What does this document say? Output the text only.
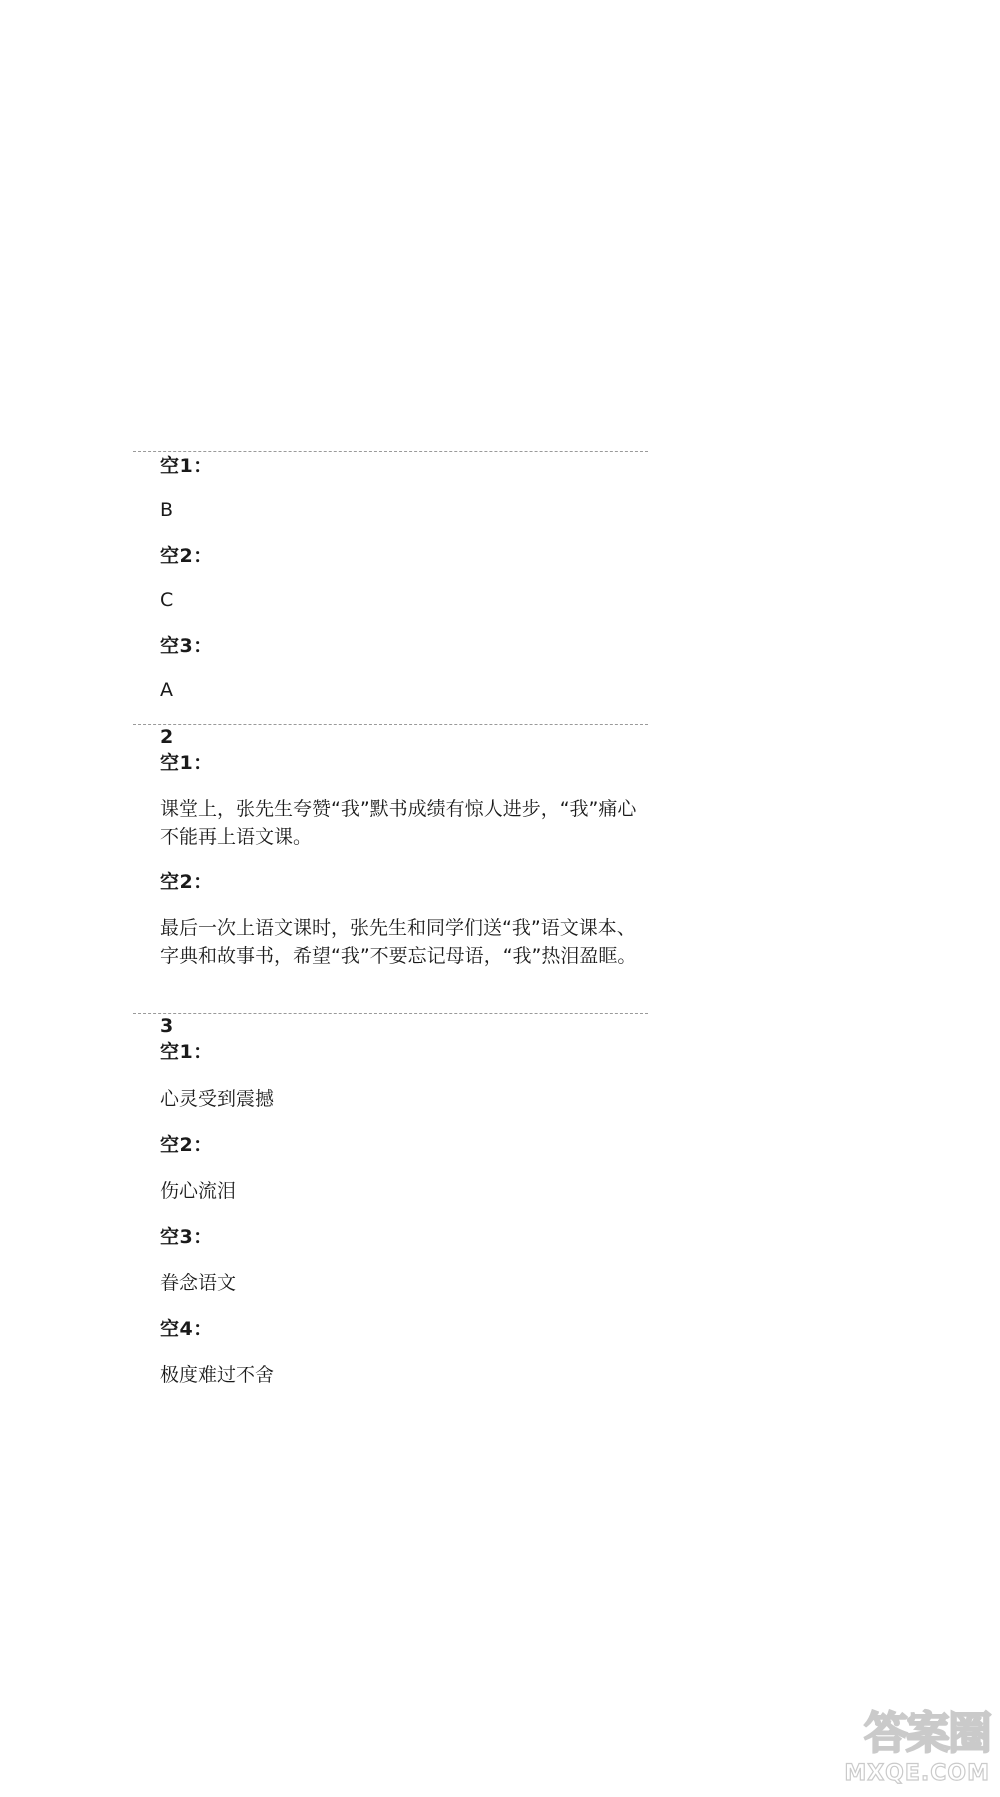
空1：
B
空2：
C
空3：
A
2
空1：
课堂上，张先生夸赞“我”默书成绩有惊人进步，“我”痛心不能再上语文课。
空2：
最后一次上语文课时，张先生和同学们送“我”语文课本、字典和故事书，希望“我”不要忘记母语，“我”热泪盈眶。
3
空1：
心灵受到震撼
空2：
伤心流泪
空3：
眷念语文
空4：
极度难过不舍
答案圈
MXQE.COM
